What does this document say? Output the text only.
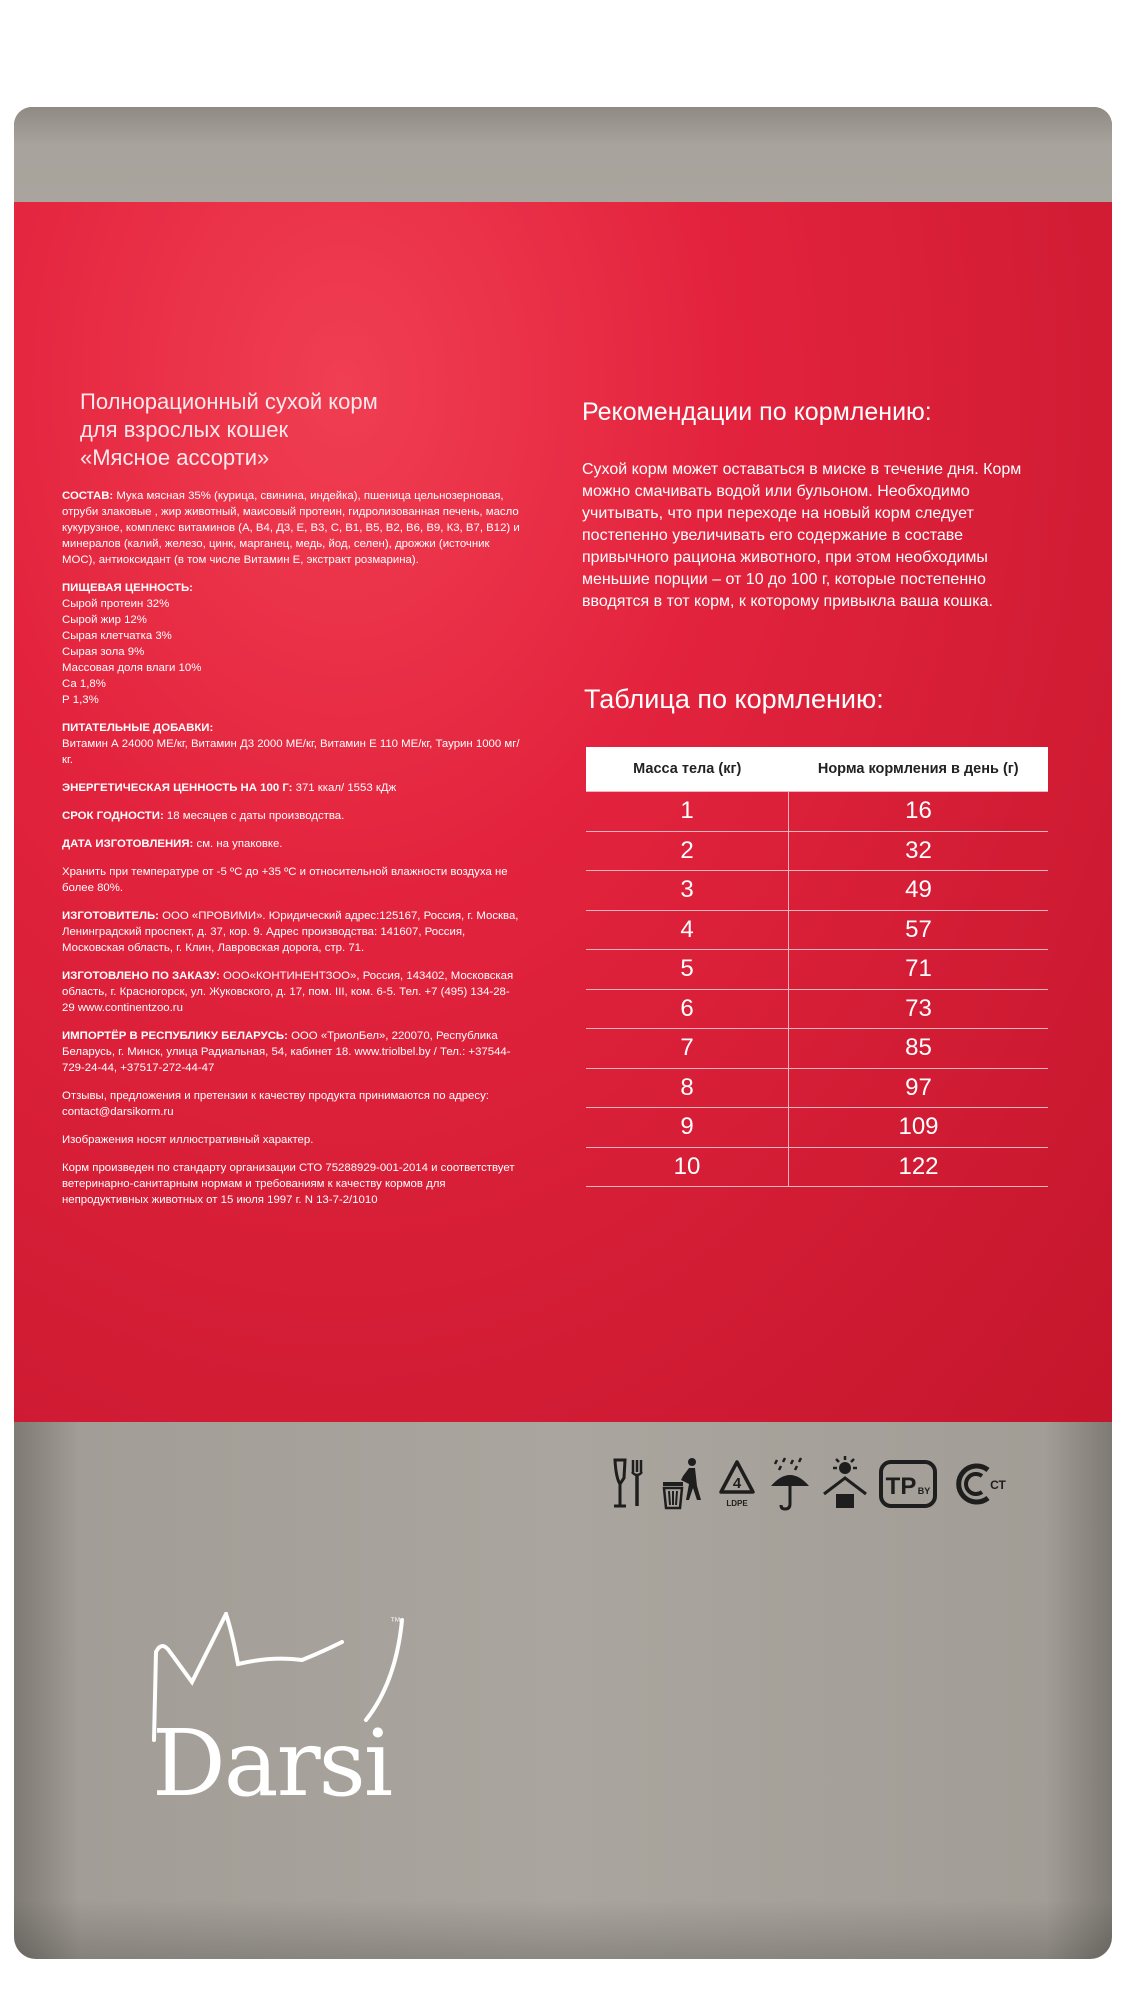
Полнорационный сухой корм
для взрослых кошек
«Мясное ассорти»

СОСТАВ: Мука мясная 35% (курица, свинина, индейка), пшеница цельнозерновая, отруби злаковые , жир животный, маисовый протеин, гидролизованная печень, масло кукурузное, комплекс витаминов (А, В4, Д3, Е, В3, С, В1, В5, В2, В6, В9, К3, В7, В12) и минералов (калий, железо, цинк, марганец, медь, йод, селен), дрожжи (источник МОС), антиоксидант (в том числе Витамин Е, экстракт розмарина).

ПИЩЕВАЯ ЦЕННОСТЬ:
Сырой протеин 32%
Сырой жир 12%
Сырая клетчатка 3%
Сырая зола 9%
Массовая доля влаги 10%
Са 1,8%
Р 1,3%

ПИТАТЕЛЬНЫЕ ДОБАВКИ:
Витамин А 24000 МЕ/кг, Витамин Д3 2000 МЕ/кг, Витамин Е 110 МЕ/кг, Таурин 1000 мг/кг.

ЭНЕРГЕТИЧЕСКАЯ ЦЕННОСТЬ НА 100 Г: 371 ккал/ 1553 кДж

СРОК ГОДНОСТИ: 18 месяцев с даты производства.

ДАТА ИЗГОТОВЛЕНИЯ: см. на упаковке.

Хранить при температуре от -5 ºС до +35 ºС и относительной влажности воздуха не более 80%.

ИЗГОТОВИТЕЛЬ: ООО «ПРОВИМИ». Юридический адрес:125167, Россия, г. Москва, Ленинградский проспект, д. 37, кор. 9. Адрес производства: 141607, Россия, Московская область, г. Клин, Лавровская дорога, стр. 71.

ИЗГОТОВЛЕНО ПО ЗАКАЗУ: ООО«КОНТИНЕНТЗОО», Россия, 143402, Московская область, г. Красногорск, ул. Жуковского, д. 17, пом. III, ком. 6-5. Тел. +7 (495) 134-28-29 www.continentzoo.ru

ИМПОРТЁР В РЕСПУБЛИКУ БЕЛАРУСЬ: ООО «ТриолБел», 220070, Республика Беларусь, г. Минск, улица Радиальная, 54, кабинет 18. www.triolbel.by / Тел.: +37544-729-24-44, +37517-272-44-47

Отзывы, предложения и претензии к качеству продукта принимаются по адресу: contact@darsikorm.ru

Изображения носят иллюстративный характер.

Корм произведен по стандарту организации СТО 75288929-001-2014 и соответствует ветеринарно-санитарным нормам и требованиям к качеству кормов для непродуктивных животных от 15 июля 1997 г. N 13-7-2/1010

Рекомендации по кормлению:

Сухой корм может оставаться в миске в течение дня. Корм можно смачивать водой или бульоном. Необходимо учитывать, что при переходе на новый корм следует постепенно увеличивать его содержание в составе привычного рациона животного, при этом необходимы меньшие порции – от 10 до 100 г, которые постепенно вводятся в тот корм, к которому привыкла ваша кошка.

Таблица по кормлению:
Масса тела (кг)	Норма кормления в день (г)
1	16
2	32
3	49
4	57
5	71
6	73
7	85
8	97
9	109
10	122
4
LDPE
TP BY	СТ
™
Darsi
